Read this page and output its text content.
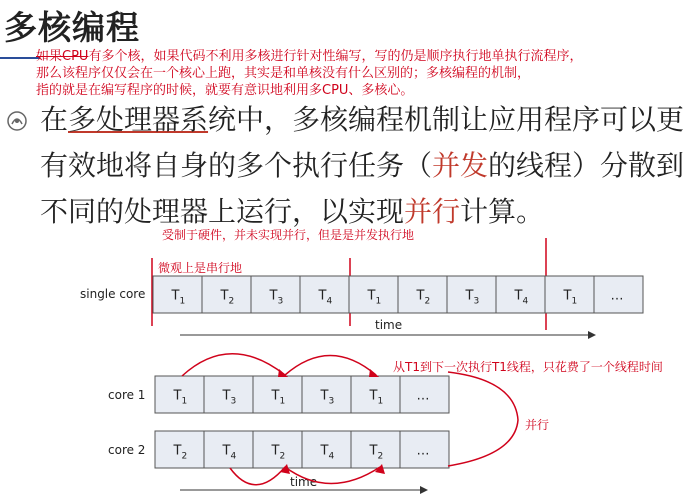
多核编程
如果CPU有多个核，如果代码不利用多核进行针对性编写，写的仍是顺序执行地单执行流程序，
那么该程序仅仅会在一个核心上跑，其实是和单核没有什么区别的；多核编程的机制，
指的就是在编写程序的时候，就要有意识地利用多CPU、多核心。
在多处理器系统中，多核编程机制让应用程序可以更有效地将自身的多个执行任务（并发的线程）分散到不同的处理器上运行，以实现并行计算。
受制于硬件，并未实现并行，但是是并发执行地
微观上是串行地
从T1到下一次执行T1线程，只花费了一个线程时间
并行
single core
core 1
core 2
$T_1$	$T_2$	$T_3$	$T_4$	$T_1$	$T_2$	$T_3$	$T_4$	$T_1$	…
$T_1$	$T_3$	$T_1$	$T_3$	$T_1$	…
$T_2$	$T_4$	$T_2$	$T_4$	$T_2$	…
time
time
